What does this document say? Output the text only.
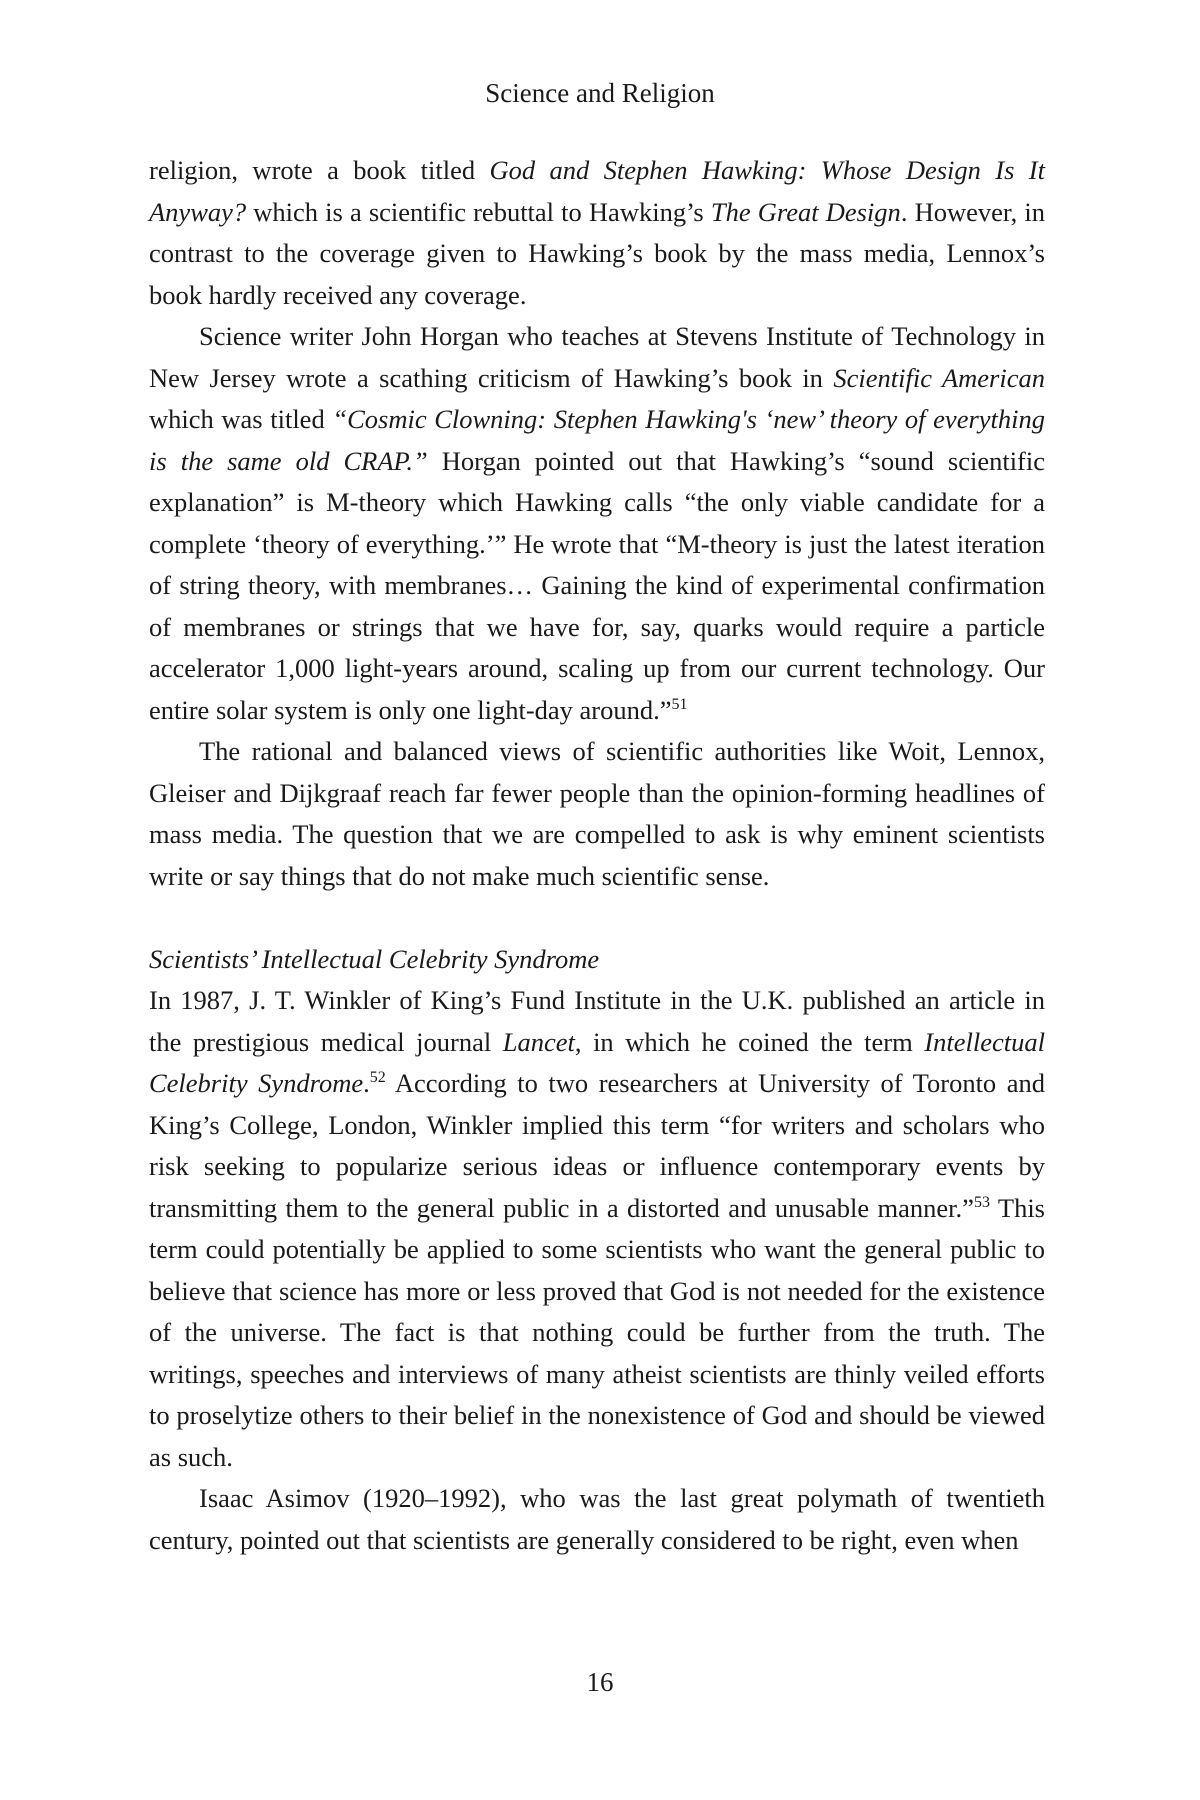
Science and Religion

religion, wrote a book titled God and Stephen Hawking: Whose Design Is It Anyway? which is a scientific rebuttal to Hawking’s The Great Design. However, in contrast to the coverage given to Hawking’s book by the mass media, Lennox’s book hardly received any coverage.

Science writer John Horgan who teaches at Stevens Institute of Technology in New Jersey wrote a scathing criticism of Hawking’s book in Scientific American which was titled “Cosmic Clowning: Stephen Hawking's ‘new’ theory of everything is the same old CRAP.” Horgan pointed out that Hawking’s “sound scientific explanation” is M-theory which Hawking calls “the only viable candidate for a complete ‘theory of everything.’” He wrote that “M-theory is just the latest iteration of string theory, with membranes… Gaining the kind of experimental confirmation of membranes or strings that we have for, say, quarks would require a particle accelerator 1,000 light-years around, scaling up from our current technology. Our entire solar system is only one light-day around.”$^{51}$

The rational and balanced views of scientific authorities like Woit, Lennox, Gleiser and Dijkgraaf reach far fewer people than the opinion-forming headlines of mass media. The question that we are compelled to ask is why eminent scientists write or say things that do not make much scientific sense.

Scientists’ Intellectual Celebrity Syndrome

In 1987, J. T. Winkler of King’s Fund Institute in the U.K. published an article in the prestigious medical journal Lancet, in which he coined the term Intellectual Celebrity Syndrome.$^{52}$ According to two researchers at University of Toronto and King’s College, London, Winkler implied this term “for writers and scholars who risk seeking to popularize serious ideas or influence contemporary events by transmitting them to the general public in a distorted and unusable manner.”$^{53}$ This term could potentially be applied to some scientists who want the general public to believe that science has more or less proved that God is not needed for the existence of the universe. The fact is that nothing could be further from the truth. The writings, speeches and interviews of many atheist scientists are thinly veiled efforts to proselytize others to their belief in the nonexistence of God and should be viewed as such.

Isaac Asimov (1920–1992), who was the last great polymath of twentieth century, pointed out that scientists are generally considered to be right, even when

16
